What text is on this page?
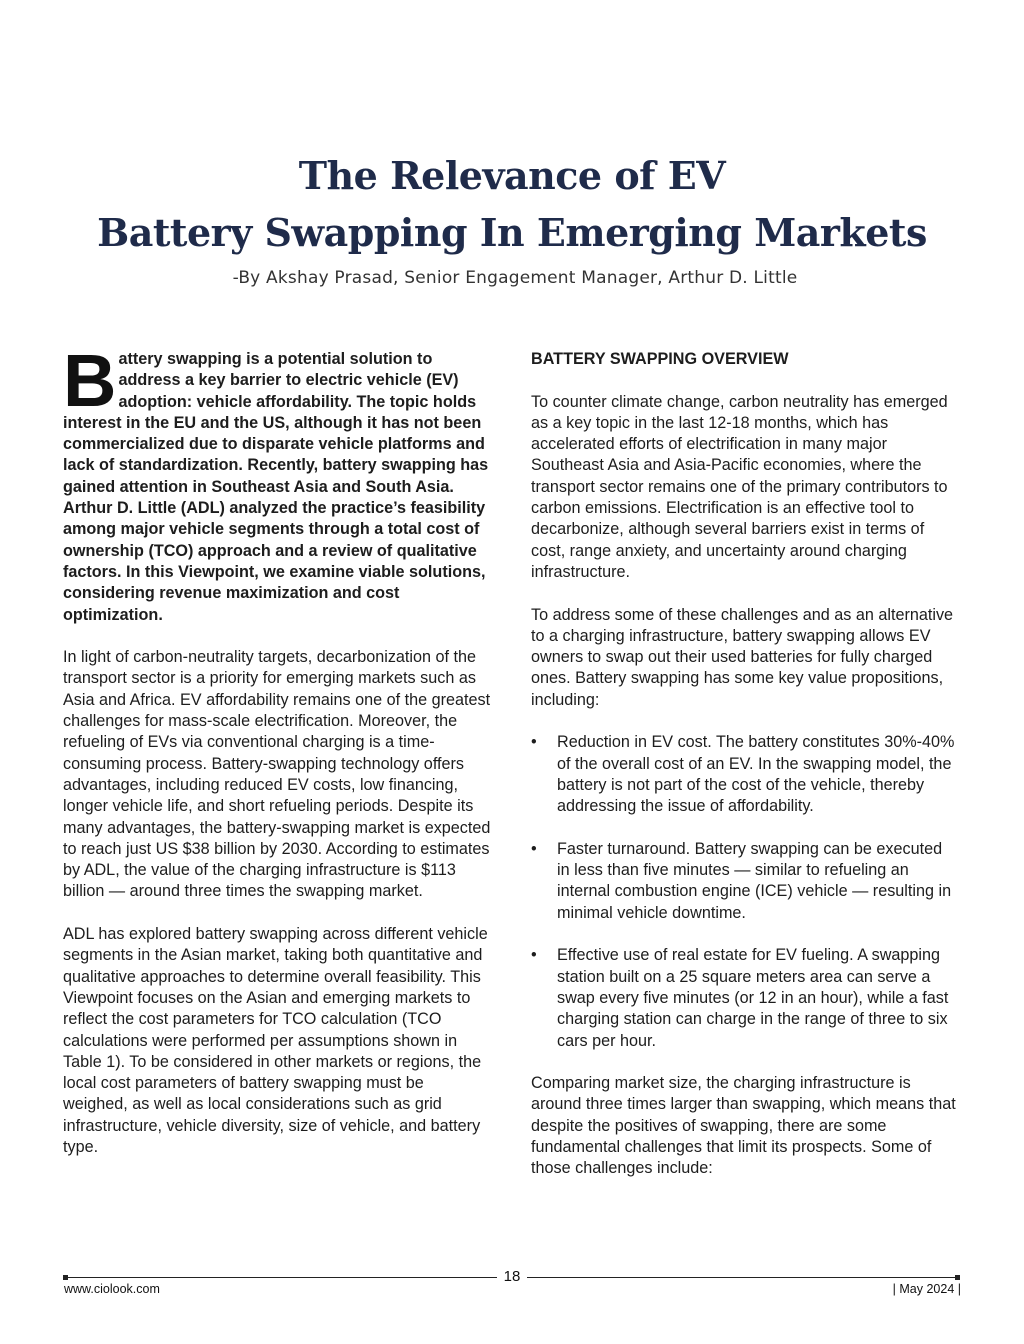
The Relevance of EV
Battery Swapping In Emerging Markets
-By Akshay Prasad, Senior Engagement Manager, Arthur D. Little

Battery swapping is a potential solution to address a key barrier to electric vehicle (EV) adoption: vehicle affordability. The topic holds interest in the EU and the US, although it has not been commercialized due to disparate vehicle platforms and lack of standardization. Recently, battery swapping has gained attention in Southeast Asia and South Asia. Arthur D. Little (ADL) analyzed the practice’s feasibility among major vehicle segments through a total cost of ownership (TCO) approach and a review of qualitative factors. In this Viewpoint, we examine viable solutions, considering revenue maximization and cost optimization.

In light of carbon-neutrality targets, decarbonization of the transport sector is a priority for emerging markets such as Asia and Africa. EV affordability remains one of the greatest challenges for mass-scale electrification. Moreover, the refueling of EVs via conventional charging is a time-consuming process. Battery-swapping technology offers advantages, including reduced EV costs, low financing, longer vehicle life, and short refueling periods. Despite its many advantages, the battery-swapping market is expected to reach just US $38 billion by 2030. According to estimates by ADL, the value of the charging infrastructure is $113 billion — around three times the swapping market.

ADL has explored battery swapping across different vehicle segments in the Asian market, taking both quantitative and qualitative approaches to determine overall feasibility. This Viewpoint focuses on the Asian and emerging markets to reflect the cost parameters for TCO calculation (TCO calculations were performed per assumptions shown in Table 1). To be considered in other markets or regions, the local cost parameters of battery swapping must be weighed, as well as local considerations such as grid infrastructure, vehicle diversity, size of vehicle, and battery type.

BATTERY SWAPPING OVERVIEW

To counter climate change, carbon neutrality has emerged as a key topic in the last 12-18 months, which has accelerated efforts of electrification in many major Southeast Asia and Asia-Pacific economies, where the transport sector remains one of the primary contributors to carbon emissions. Electrification is an effective tool to decarbonize, although several barriers exist in terms of cost, range anxiety, and uncertainty around charging infrastructure.

To address some of these challenges and as an alternative to a charging infrastructure, battery swapping allows EV owners to swap out their used batteries for fully charged ones. Battery swapping has some key value propositions, including:

• Reduction in EV cost. The battery constitutes 30%-40% of the overall cost of an EV. In the swapping model, the battery is not part of the cost of the vehicle, thereby addressing the issue of affordability.
• Faster turnaround. Battery swapping can be executed in less than five minutes — similar to refueling an internal combustion engine (ICE) vehicle — resulting in minimal vehicle downtime.
• Effective use of real estate for EV fueling. A swapping station built on a 25 square meters area can serve a swap every five minutes (or 12 in an hour), while a fast charging station can charge in the range of three to six cars per hour.

Comparing market size, the charging infrastructure is around three times larger than swapping, which means that despite the positives of swapping, there are some fundamental challenges that limit its prospects. Some of those challenges include:

18
www.ciolook.com	| May 2024 |
